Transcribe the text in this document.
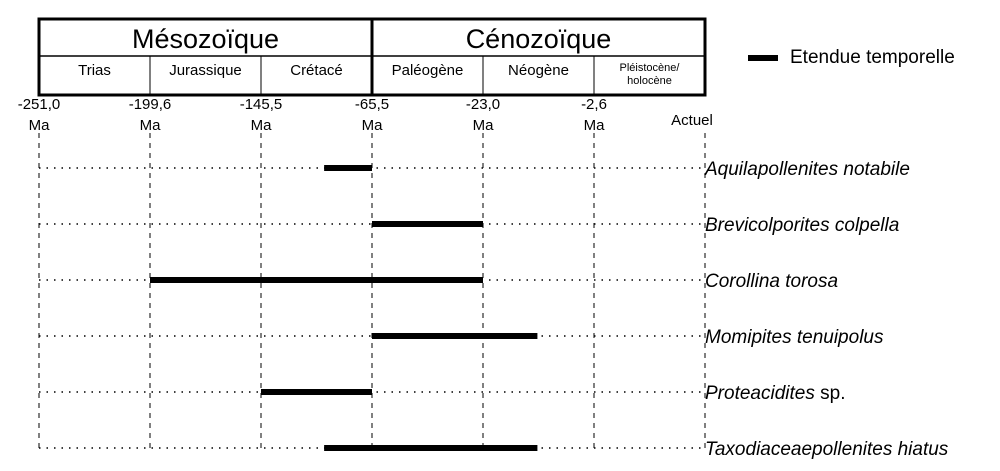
Mésozoïque	Cénozoïque
Trias	Jurassique	Crétacé	Paléogène	Néogène	Pléistocène/ holocène
-251,0 Ma
-199,6 Ma
-145,5 Ma
-65,5 Ma
-23,0 Ma
-2,6 Ma	Actuel
Aquilapollenites notabile
Brevicolporites colpella
Corollina torosa
Momipites tenuipolus
Proteacidites sp.
Taxodiaceaepollenites hiatus
Etendue temporelle
